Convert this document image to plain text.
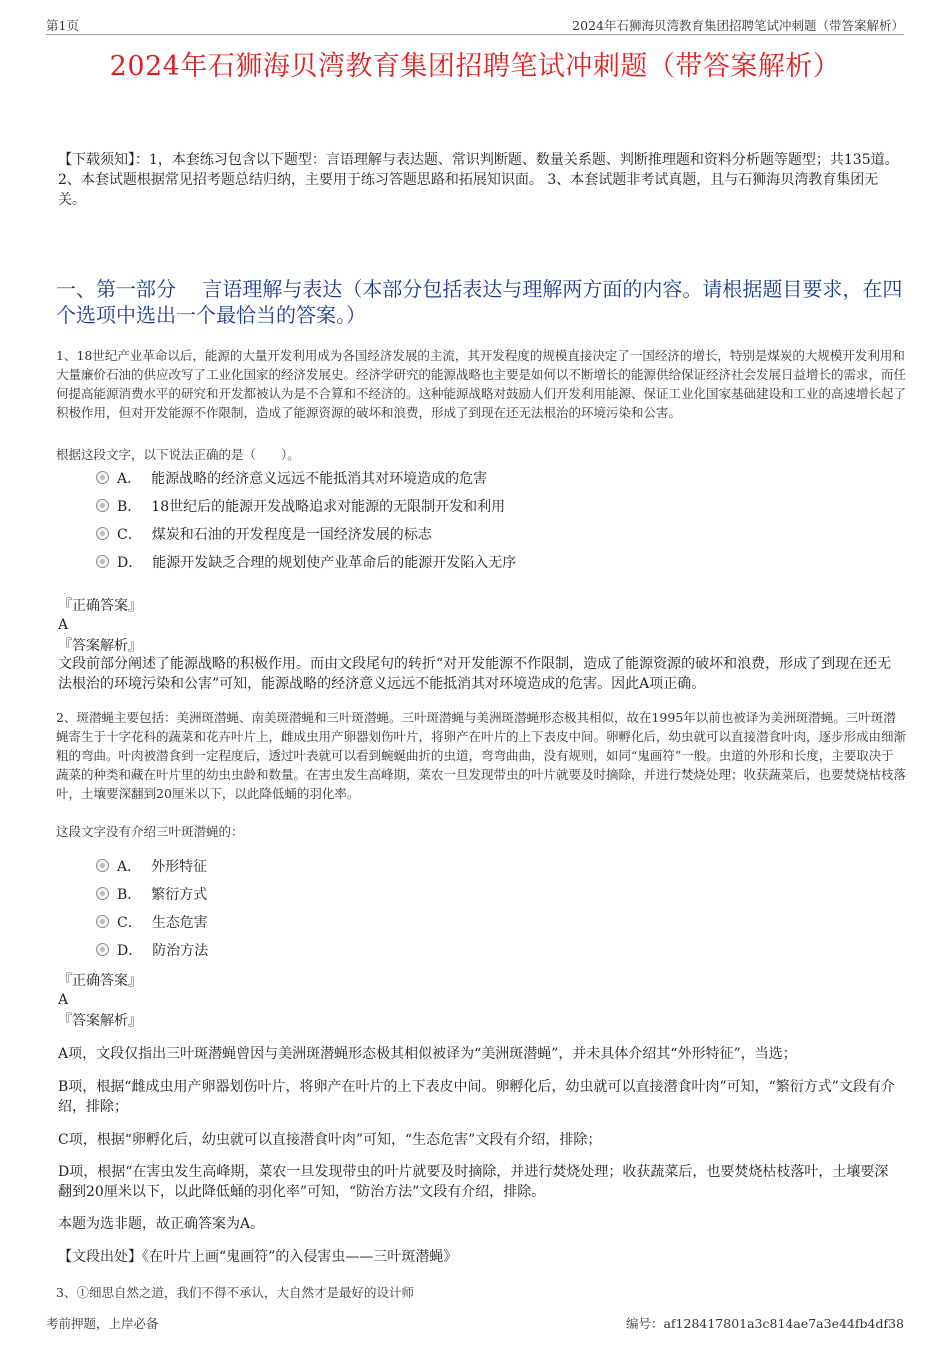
第1页	2024年石狮海贝湾教育集团招聘笔试冲刺题（带答案解析）
2024年石狮海贝湾教育集团招聘笔试冲刺题（带答案解析）
【下载须知】：1，本套练习包含以下题型：言语理解与表达题、常识判断题、数量关系题、判断推理题和资料分析题等题型；共135道。 2、本套试题根据常见招考题总结归纳，主要用于练习答题思路和拓展知识面。 3、本套试题非考试真题，且与石狮海贝湾教育集团无关。
一、第一部分　 言语理解与表达（本部分包括表达与理解两方面的内容。请根据题目要求，在四个选项中选出一个最恰当的答案。）
1、18世纪产业革命以后，能源的大量开发利用成为各国经济发展的主流，其开发程度的规模直接决定了一国经济的增长，特别是煤炭的大规模开发利用和大量廉价石油的供应改写了工业化国家的经济发展史。经济学研究的能源战略也主要是如何以不断增长的能源供给保证经济社会发展日益增长的需求，而任何提高能源消费水平的研究和开发都被认为是不合算和不经济的。这种能源战略对鼓励人们开发利用能源、保证工业化国家基础建设和工业的高速增长起了积极作用，但对开发能源不作限制，造成了能源资源的破坏和浪费，形成了到现在还无法根治的环境污染和公害。
根据这段文字，以下说法正确的是（　　）。
A． 能源战略的经济意义远远不能抵消其对环境造成的危害
B． 18世纪后的能源开发战略追求对能源的无限制开发和利用
C． 煤炭和石油的开发程度是一国经济发展的标志
D． 能源开发缺乏合理的规划使产业革命后的能源开发陷入无序
『正确答案』
A
『答案解析』
文段前部分阐述了能源战略的积极作用。而由文段尾句的转折“对开发能源不作限制，造成了能源资源的破坏和浪费，形成了到现在还无法根治的环境污染和公害”可知，能源战略的经济意义远远不能抵消其对环境造成的危害。因此A项正确。
2、斑潜蝇主要包括：美洲斑潜蝇、南美斑潜蝇和三叶斑潜蝇。三叶斑潜蝇与美洲斑潜蝇形态极其相似，故在1995年以前也被译为美洲斑潜蝇。三叶斑潜蝇寄生于十字花科的蔬菜和花卉叶片上，雌成虫用产卵器划伤叶片，将卵产在叶片的上下表皮中间。卵孵化后，幼虫就可以直接潜食叶肉，逐步形成由细渐粗的弯曲。叶肉被潜食到一定程度后，透过叶表就可以看到蜿蜒曲折的虫道，弯弯曲曲，没有规则，如同“鬼画符”一般。虫道的外形和长度，主要取决于蔬菜的种类和藏在叶片里的幼虫虫龄和数量。在害虫发生高峰期，菜农一旦发现带虫的叶片就要及时摘除，并进行焚烧处理；收获蔬菜后，也要焚烧枯枝落叶，土壤要深翻到20厘米以下，以此降低蛹的羽化率。
这段文字没有介绍三叶斑潜蝇的：
A． 外形特征
B． 繁衍方式
C． 生态危害
D． 防治方法
『正确答案』
A
『答案解析』
A项，文段仅指出三叶斑潜蝇曾因与美洲斑潜蝇形态极其相似被译为“美洲斑潜蝇”，并未具体介绍其“外形特征”，当选；
B项，根据“雌成虫用产卵器划伤叶片，将卵产在叶片的上下表皮中间。卵孵化后，幼虫就可以直接潜食叶肉”可知，“繁衍方式”文段有介绍，排除；
C项，根据“卵孵化后，幼虫就可以直接潜食叶肉”可知，“生态危害”文段有介绍，排除；
D项，根据“在害虫发生高峰期，菜农一旦发现带虫的叶片就要及时摘除，并进行焚烧处理；收获蔬菜后，也要焚烧枯枝落叶，土壤要深翻到20厘米以下，以此降低蛹的羽化率”可知，“防治方法”文段有介绍，排除。
本题为选非题，故正确答案为A。
【文段出处】《在叶片上画“鬼画符”的入侵害虫——三叶斑潜蝇》
3、①细思自然之道，我们不得不承认，大自然才是最好的设计师
考前押题，上岸必备	编号：af128417801a3c814ae7a3e44fb4df38
